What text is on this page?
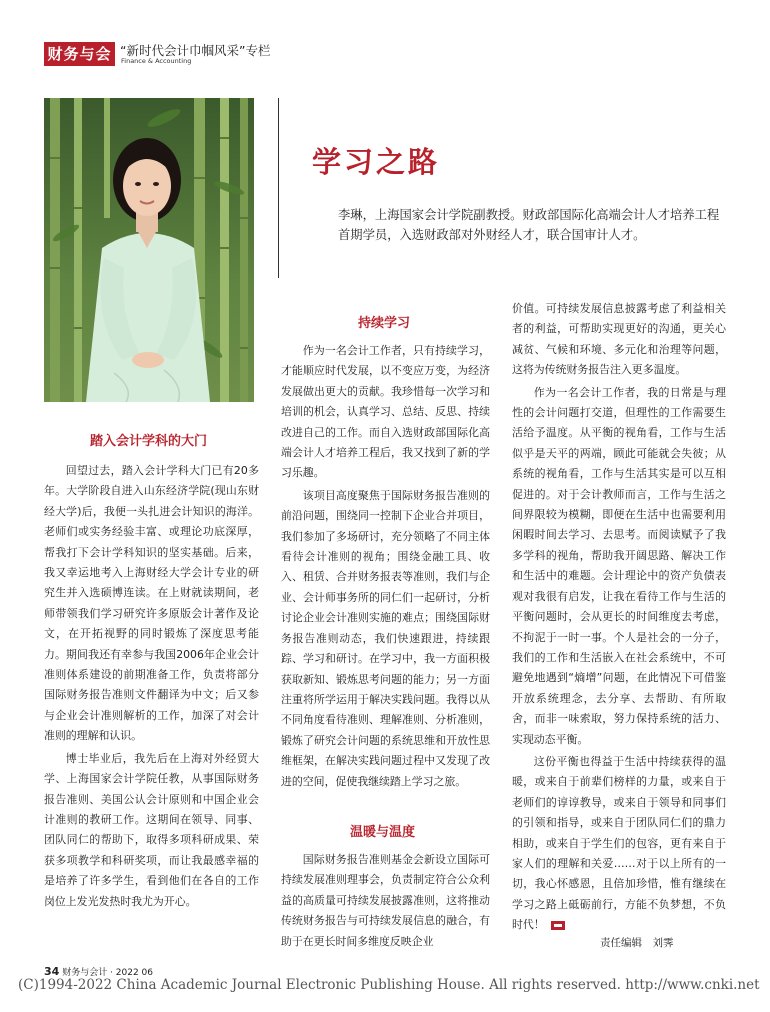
财务与会计
“新时代会计巾帼风采”专栏
Finance & Accounting
学习之路
李琳，上海国家会计学院副教授。财政部国际化高端会计人才培养工程首期学员，入选财政部对外财经人才，联合国审计人才。
踏入会计学科的大门

回望过去，踏入会计学科大门已有20多年。大学阶段自进入山东经济学院(现山东财经大学)后，我便一头扎进会计知识的海洋。老师们或实务经验丰富、或理论功底深厚，帮我打下会计学科知识的坚实基础。后来，我又幸运地考入上海财经大学会计专业的研究生并入选硕博连读。在上财就读期间，老师带领我们学习研究许多原版会计著作及论文，在开拓视野的同时锻炼了深度思考能力。期间我还有幸参与我国2006年企业会计准则体系建设的前期准备工作，负责将部分国际财务报告准则文件翻译为中文；后又参与企业会计准则解析的工作，加深了对会计准则的理解和认识。

博士毕业后，我先后在上海对外经贸大学、上海国家会计学院任教，从事国际财务报告准则、美国公认会计原则和中国企业会计准则的教研工作。这期间在领导、同事、团队同仁的帮助下，取得多项科研成果、荣获多项教学和科研奖项，而让我最感幸福的是培养了许多学生，看到他们在各自的工作岗位上发光发热时我尤为开心。

持续学习

作为一名会计工作者，只有持续学习，才能顺应时代发展，以不变应万变，为经济发展做出更大的贡献。我珍惜每一次学习和培训的机会，认真学习、总结、反思、持续改进自己的工作。而自入选财政部国际化高端会计人才培养工程后，我又找到了新的学习乐趣。

该项目高度聚焦于国际财务报告准则的前沿问题，围绕同一控制下企业合并项目，我们参加了多场研讨，充分领略了不同主体看待会计准则的视角；围绕金融工具、收入、租赁、合并财务报表等准则，我们与企业、会计师事务所的同仁们一起研讨，分析讨论企业会计准则实施的难点；围绕国际财务报告准则动态，我们快速跟进，持续跟踪、学习和研讨。在学习中，我一方面积极获取新知、锻炼思考问题的能力；另一方面注重将所学运用于解决实践问题。我得以从不同角度看待准则、理解准则、分析准则，锻炼了研究会计问题的系统思维和开放性思维框架，在解决实践问题过程中又发现了改进的空间，促使我继续踏上学习之旅。

温暖与温度

国际财务报告准则基金会新设立国际可持续发展准则理事会，负责制定符合公众利益的高质量可持续发展披露准则，这将推动传统财务报告与可持续发展信息的融合，有助于在更长时间多维度反映企业

价值。可持续发展信息披露考虑了利益相关者的利益，可帮助实现更好的沟通，更关心减贫、气候和环境、多元化和治理等问题，这将为传统财务报告注入更多温度。

作为一名会计工作者，我的日常是与理性的会计问题打交道，但理性的工作需要生活给予温度。从平衡的视角看，工作与生活似乎是天平的两端，顾此可能就会失彼；从系统的视角看，工作与生活其实是可以互相促进的。对于会计教师而言，工作与生活之间界限较为模糊，即便在生活中也需要利用闲暇时间去学习、去思考。而阅读赋予了我多学科的视角，帮助我开阔思路、解决工作和生活中的难题。会计理论中的资产负债表观对我很有启发，让我在看待工作与生活的平衡问题时，会从更长的时间维度去考虑，不拘泥于一时一事。个人是社会的一分子，我们的工作和生活嵌入在社会系统中，不可避免地遇到“熵增”问题，在此情况下可借鉴开放系统理念，去分享、去帮助、有所取舍，而非一味索取，努力保持系统的活力、实现动态平衡。

这份平衡也得益于生活中持续获得的温暖，或来自于前辈们榜样的力量，或来自于老师们的谆谆教导，或来自于领导和同事们的引领和指导，或来自于团队同仁们的鼎力相助，或来自于学生们的包容，更有来自于家人们的理解和关爱……对于以上所有的一切，我心怀感恩，且倍加珍惜，惟有继续在学习之路上砥砺前行，方能不负梦想，不负时代！

责任编辑　刘霁
34 财务与会计 · 2022 06
(C)1994-2022 China Academic Journal Electronic Publishing House. All rights reserved. http://www.cnki.net
